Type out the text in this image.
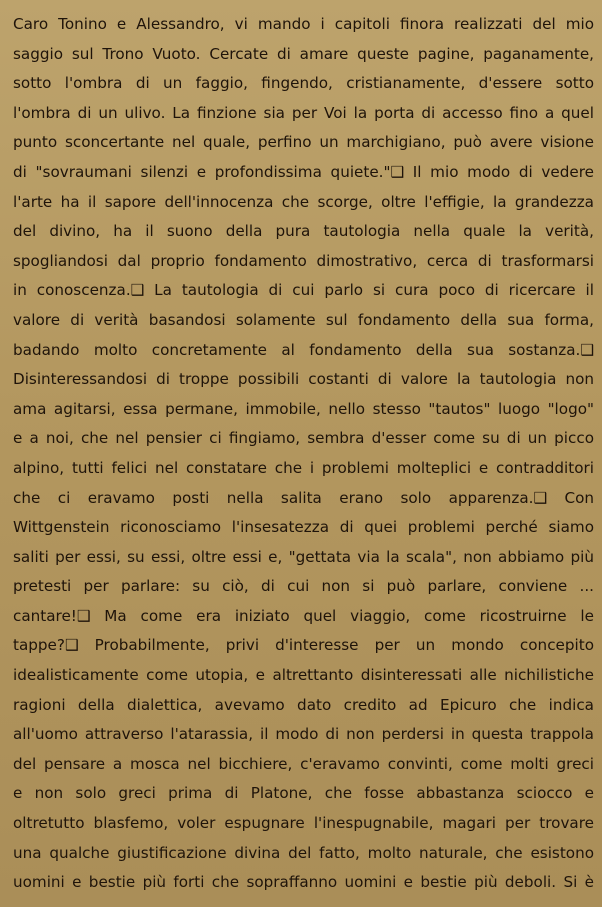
Caro Tonino e Alessandro, vi mando i capitoli finora realizzati del mio
saggio sul Trono Vuoto. Cercate di amare queste pagine, paganamente,
sotto l'ombra di un faggio, fingendo, cristianamente, d'essere sotto
l'ombra di un ulivo. La finzione sia per Voi la porta di accesso fino a quel
punto sconcertante nel quale, perfino un marchigiano, può avere visione
di "sovraumani silenzi e profondissima quiete."❑ Il mio modo di vedere
l'arte ha il sapore dell'innocenza che scorge, oltre l'effigie, la grandezza
del divino, ha il suono della pura tautologia nella quale la verità,
spogliandosi dal proprio fondamento dimostrativo, cerca di trasformarsi
in conoscenza.❑ La tautologia di cui parlo si cura poco di ricercare il
valore di verità basandosi solamente sul fondamento della sua forma,
badando molto concretamente al fondamento della sua sostanza.❑
Disinteressandosi di troppe possibili costanti di valore la tautologia non
ama agitarsi, essa permane, immobile, nello stesso "tautos" luogo "logo"
e a noi, che nel pensier ci fingiamo, sembra d'esser come su di un picco
alpino, tutti felici nel constatare che i problemi molteplici e contradditori
che ci eravamo posti nella salita erano solo apparenza.❑ Con
Wittgenstein riconosciamo l'insesatezza di quei problemi perché siamo
saliti per essi, su essi, oltre essi e, "gettata via la scala", non abbiamo più
pretesti per parlare: su ciò, di cui non si può parlare, conviene ...
cantare!❑ Ma come era iniziato quel viaggio, come ricostruirne le
tappe?❑ Probabilmente, privi d'interesse per un mondo concepito
idealisticamente come utopia, e altrettanto disinteressati alle nichilistiche
ragioni della dialettica, avevamo dato credito ad Epicuro che indica
all'uomo attraverso l'atarassia, il modo di non perdersi in questa trappola
del pensare a mosca nel bicchiere, c'eravamo convinti, come molti greci
e non solo greci prima di Platone, che fosse abbastanza sciocco e
oltretutto blasfemo, voler espugnare l'inespugnabile, magari per trovare
una qualche giustificazione divina del fatto, molto naturale, che esistono
uomini e bestie più forti che sopraffanno uomini e bestie più deboli. Si è
